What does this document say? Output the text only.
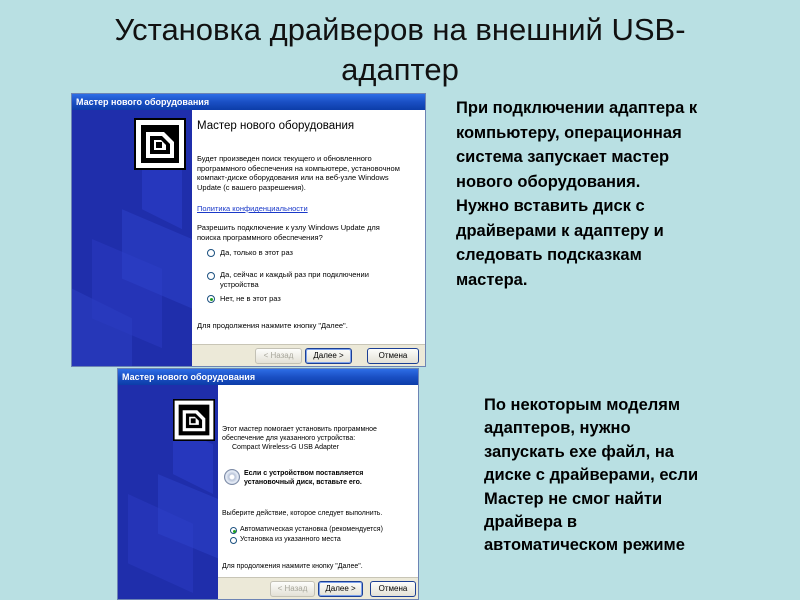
Установка драйверов на внешний USB-
адаптер
Мастер нового оборудования
Мастер нового оборудования
Будет произведен поиск текущего и обновленного
программного обеспечения на компьютере, установочном
компакт-диске оборудования или на веб-узле Windows
Update (с вашего разрешения).
Политика конфиденциальности
Разрешить подключение к узлу Windows Update для
поиска программного обеспечения?
Да, только в этот раз
Да, сейчас и каждый раз при подключении
устройства
Нет, не в этот раз
Для продолжения нажмите кнопку "Далее".
< Назад	Далее >	Отмена
Мастер нового оборудования
Этот мастер помогает установить программное
обеспечение для указанного устройства:
Compact Wireless-G USB Adapter
Если с устройством поставляется
установочный диск, вставьте его.
Выберите действие, которое следует выполнить.
Автоматическая установка (рекомендуется)
Установка из указанного места
Для продолжения нажмите кнопку "Далее".
< Назад	Далее >	Отмена
При подключении адаптера к
компьютеру, операционная
система запускает мастер
нового оборудования.
Нужно вставить диск с
драйверами к адаптеру и
следовать подсказкам
мастера.
По некоторым моделям
адаптеров, нужно
запускать exe файл, на
диске с драйверами, если
Мастер не смог найти
драйвера в
автоматическом режиме
